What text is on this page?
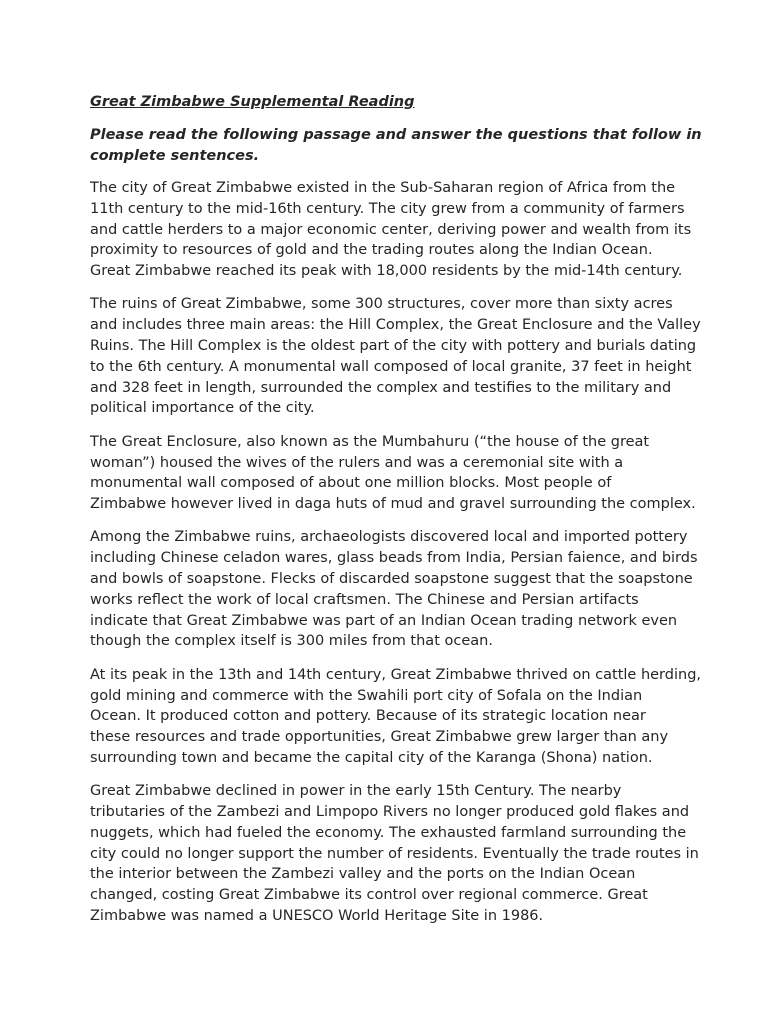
Great Zimbabwe Supplemental Reading
Please read the following passage and answer the questions that follow in
complete sentences.
The city of Great Zimbabwe existed in the Sub-Saharan region of Africa from the
11th century to the mid-16th century. The city grew from a community of farmers
and cattle herders to a major economic center, deriving power and wealth from its
proximity to resources of gold and the trading routes along the Indian Ocean.
Great Zimbabwe reached its peak with 18,000 residents by the mid-14th century.
The ruins of Great Zimbabwe, some 300 structures, cover more than sixty acres
and includes three main areas: the Hill Complex, the Great Enclosure and the Valley
Ruins. The Hill Complex is the oldest part of the city with pottery and burials dating
to the 6th century. A monumental wall composed of local granite, 37 feet in height
and 328 feet in length, surrounded the complex and testifies to the military and
political importance of the city.
The Great Enclosure, also known as the Mumbahuru (“the house of the great
woman”) housed the wives of the rulers and was a ceremonial site with a
monumental wall composed of about one million blocks. Most people of
Zimbabwe however lived in daga huts of mud and gravel surrounding the complex.
Among the Zimbabwe ruins, archaeologists discovered local and imported pottery
including Chinese celadon wares, glass beads from India, Persian faience, and birds
and bowls of soapstone. Flecks of discarded soapstone suggest that the soapstone
works reflect the work of local craftsmen. The Chinese and Persian artifacts
indicate that Great Zimbabwe was part of an Indian Ocean trading network even
though the complex itself is 300 miles from that ocean.
At its peak in the 13th and 14th century, Great Zimbabwe thrived on cattle herding,
gold mining and commerce with the Swahili port city of Sofala on the Indian
Ocean. It produced cotton and pottery. Because of its strategic location near
these resources and trade opportunities, Great Zimbabwe grew larger than any
surrounding town and became the capital city of the Karanga (Shona) nation.
Great Zimbabwe declined in power in the early 15th Century. The nearby
tributaries of the Zambezi and Limpopo Rivers no longer produced gold flakes and
nuggets, which had fueled the economy. The exhausted farmland surrounding the
city could no longer support the number of residents. Eventually the trade routes in
the interior between the Zambezi valley and the ports on the Indian Ocean
changed, costing Great Zimbabwe its control over regional commerce. Great
Zimbabwe was named a UNESCO World Heritage Site in 1986.
